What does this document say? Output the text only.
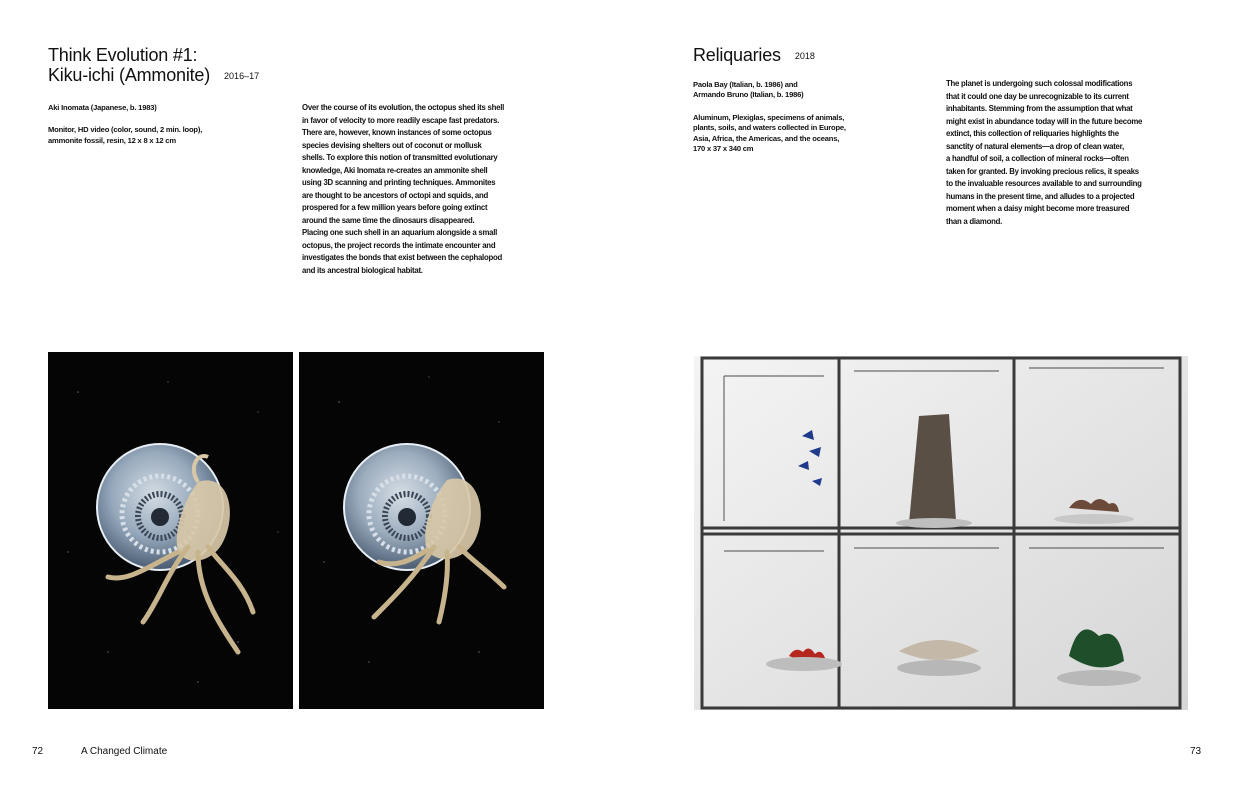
Think Evolution #1:
Kiku-ichi (Ammonite) 2016–17

Aki Inomata (Japanese, b. 1983)

Monitor, HD video (color, sound, 2 min. loop),
ammonite fossil, resin, 12 x 8 x 12 cm

Over the course of its evolution, the octopus shed its shell
in favor of velocity to more readily escape fast predators.
There are, however, known instances of some octopus
species devising shelters out of coconut or mollusk
shells. To explore this notion of transmitted evolutionary
knowledge, Aki Inomata re-creates an ammonite shell
using 3D scanning and printing techniques. Ammonites
are thought to be ancestors of octopi and squids, and
prospered for a few million years before going extinct
around the same time the dinosaurs disappeared.
Placing one such shell in an aquarium alongside a small
octopus, the project records the intimate encounter and
investigates the bonds that exist between the cephalopod
and its ancestral biological habitat.
72	A Changed Climate
Reliquaries 2018

Paola Bay (Italian, b. 1986) and
Armando Bruno (Italian, b. 1986)

Aluminum, Plexiglas, specimens of animals,
plants, soils, and waters collected in Europe,
Asia, Africa, the Americas, and the oceans,
170 x 37 x 340 cm

The planet is undergoing such colossal modifications
that it could one day be unrecognizable to its current
inhabitants. Stemming from the assumption that what
might exist in abundance today will in the future become
extinct, this collection of reliquaries highlights the
sanctity of natural elements—a drop of clean water,
a handful of soil, a collection of mineral rocks—often
taken for granted. By invoking precious relics, it speaks
to the invaluable resources available to and surrounding
humans in the present time, and alludes to a projected
moment when a daisy might become more treasured
than a diamond.
73
